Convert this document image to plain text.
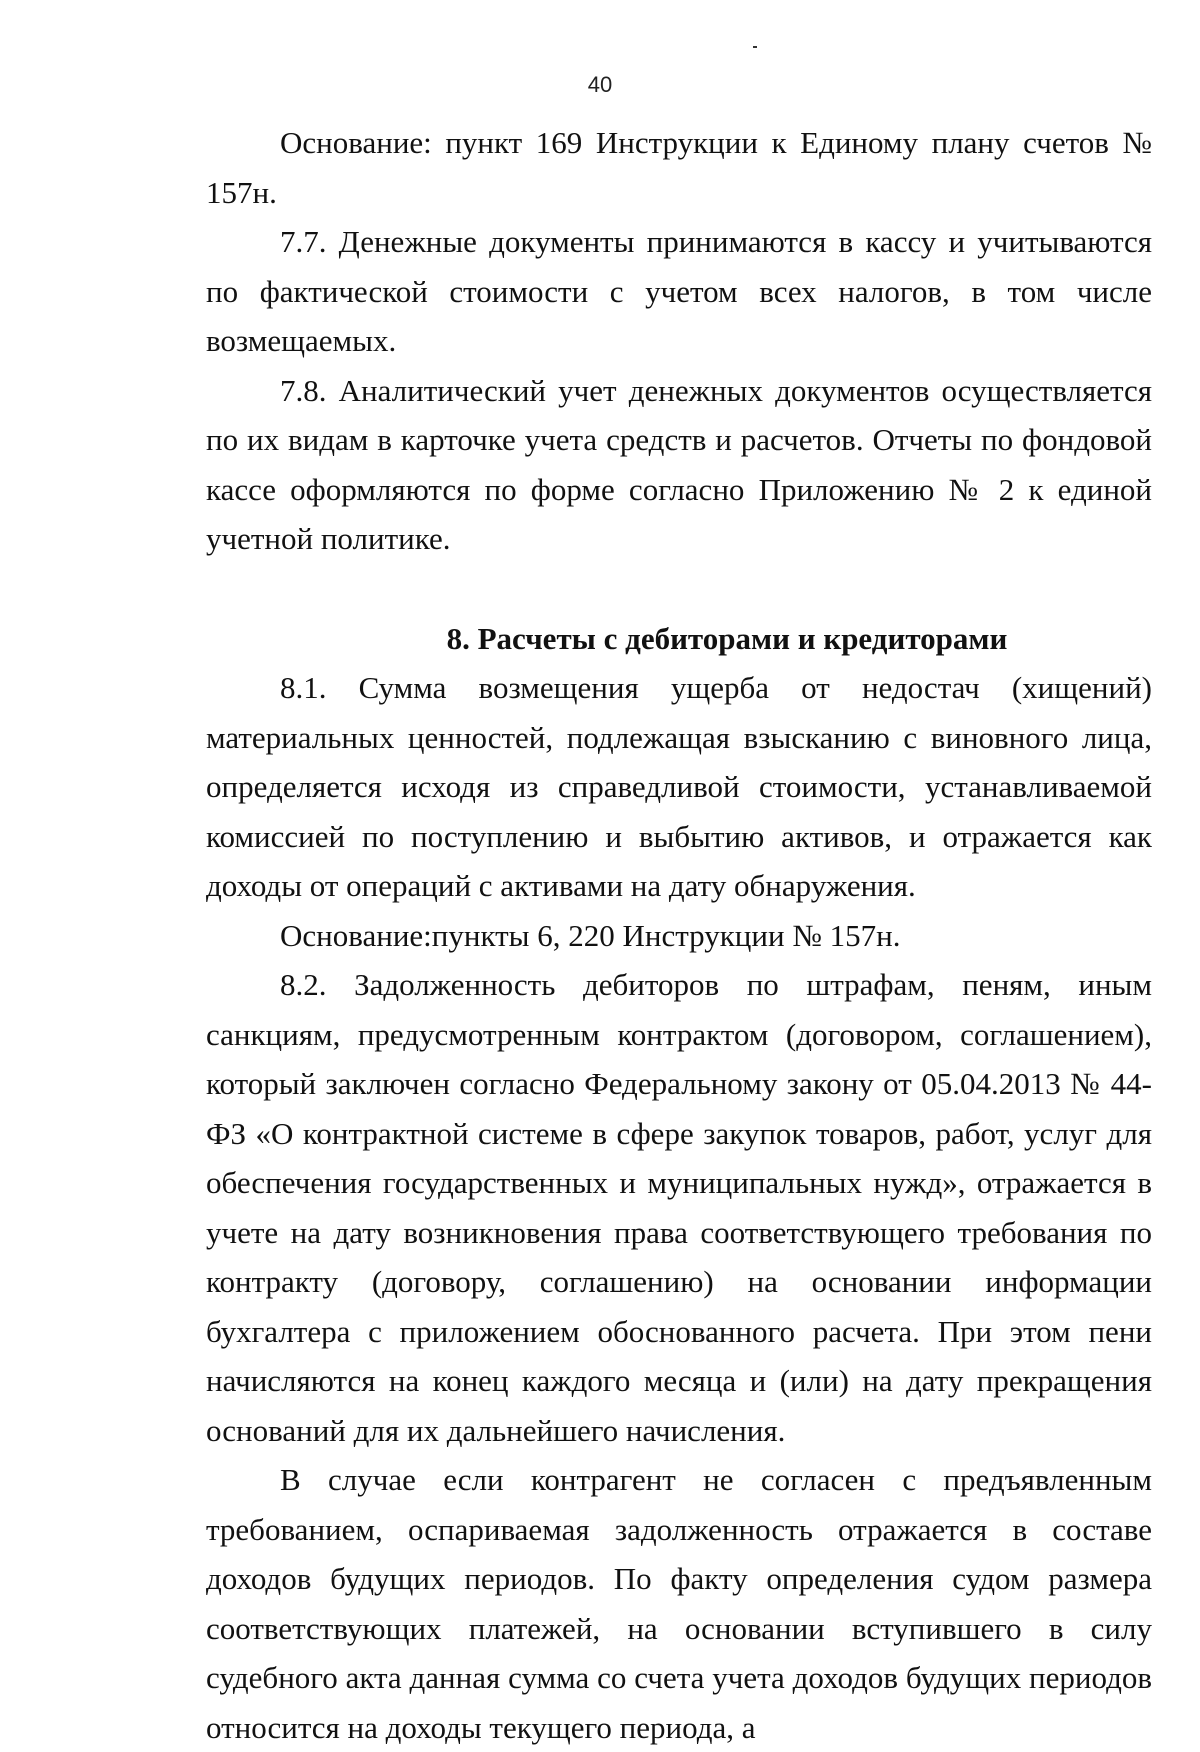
40

Основание: пункт 169 Инструкции к Единому плану счетов № 157н.

7.7. Денежные документы принимаются в кассу и учитываются по фактической стоимости с учетом всех налогов, в том числе возмещаемых.

7.8. Аналитический учет денежных документов осуществляется по их видам в карточке учета средств и расчетов. Отчеты по фондовой кассе оформляются по форме согласно Приложению № 2 к единой учетной политике.

8. Расчеты с дебиторами и кредиторами

8.1. Сумма возмещения ущерба от недостач (хищений) материальных ценностей, подлежащая взысканию с виновного лица, определяется исходя из справедливой стоимости, устанавливаемой комиссией по поступлению и выбытию активов, и отражается как доходы от операций с активами на дату обнаружения.

Основание:пункты 6, 220 Инструкции № 157н.

8.2. Задолженность дебиторов по штрафам, пеням, иным санкциям, предусмотренным контрактом (договором, соглашением), который заключен согласно Федеральному закону от 05.04.2013 № 44-ФЗ «О контрактной системе в сфере закупок товаров, работ, услуг для обеспечения государственных и муниципальных нужд», отражается в учете на дату возникновения права соответствующего требования по контракту (договору, соглашению) на основании информации бухгалтера с приложением обоснованного расчета. При этом пени начисляются на конец каждого месяца и (или) на дату прекращения оснований для их дальнейшего начисления.

В случае если контрагент не согласен с предъявленным требованием, оспариваемая задолженность отражается в составе доходов будущих периодов. По факту определения судом размера соответствующих платежей, на основании вступившего в силу судебного акта данная сумма со счета учета доходов будущих периодов относится на доходы текущего периода, а
